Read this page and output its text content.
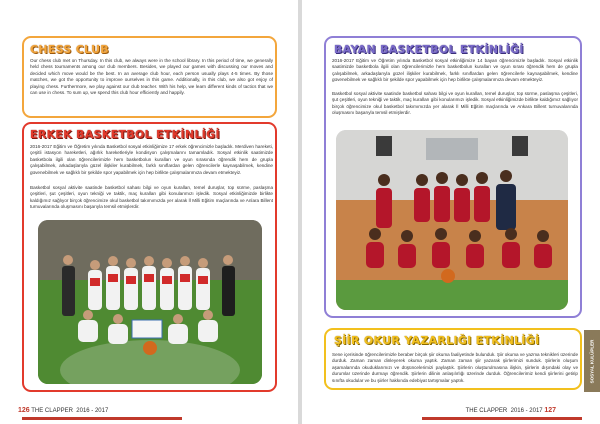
CHESS CLUB
Our chess club met on Thursday. In this club, we always were in the school library. In this period of time, we generally held chess tournaments among our club members. Besides, we played our games with discussing our moves and decided which move would be the best. In an average club hour, each person usually plays 4-5 times. By those matches, we got the opportunity to improve ourselves in this game. Additionally, in this club, we also got enjoy of playing chess. Furthermore, we play against our club teacher. With his help, we learn different kinds of tactics that we can use in chess. To sum up, we spend this club hour efficiently and happily.
ERKEK BASKETBOL ETKİNLİĞİ
2016-2017 Eğitim ve Öğretim yılında Basketbol sosyal etkinliğimize 17 erkek öğrencimizle başladık. Merdiven hareketi, çeşitli istasyon hareketleri, ağırlık hareketleriyle kondisyon çalışmalarını tamamladık. Sosyal etkinlik saatimizde basketbola ilgili olan öğrencilerimizle hem basketbolun kuralları ve oyun sırasında öğrendik hem de grupla çalışabilmek, arkadaşlarıyla güzel ilişkiler kurabilmek, farklı sınıflardan gelen öğrencilerle kaynaşabilmek, kendine güvenebilmek ve sağlıklı bir şekilde spor yapabilmek için hep birlikte çalışmalarımıza devam etmekteyiz.
Basketbol sosyal aktivite saatinde basketbol sahası bilgi ve oyun kuralları, temel duruşlar, top sürme, paslaşma çeşitleri, şut çeşitleri, oyun tekniği ve taktik, maç kuralları gibi konularımızı işledik. Sosyal etkinliğimizde birlikte kaldığımız sağlıyor birçok öğrencimize okul basketbol takımımızda yer alarak İl Milli Eğitim maçlarında ve Anlara Billent turnuvalarında oluşmasını başarıyla temsil etmişlerdir.
126 THE CLAPPER 2016 - 2017
BAYAN BASKETBOL ETKİNLİĞİ
2016-2017 Eğitim ve Öğretim yılında Basketbol sosyal etkinliğimize 14 bayan öğrencimizle başladık. Sosyal etkinlik saatimizde basketbola ilgili olan öğrencilerimizle hem basketbolun kuralları ve oyun sırası öğrendik hem de grupla çalışabilmek, arkadaşlarıyla güzel ilişkiler kurabilmek, farklı sınıflardan gelen öğrencilerle kaynaşabilmek, kendine güvenebilmek ve sağlıklı bir şekilde spor yapabilmek için hep birlikte çalışmalarımıza devam etmekteyiz.
Basketbol sosyal aktivite saatinde basketbol sahası bilgi ve oyun kuralları, temel duruşlar, top sürme, paslaşma çeşitleri, şut çeşitleri, oyun tekniği ve taktik, maç kuralları gibi konularımızı işledik. Sosyal etkinliğimizde birlikte kaldığımız sağlıyor birçok öğrencimize okul basketbol takımımızda yer alarak İl Milli Eğitim maçlarında ve Ankara Billent turnuvalarında oluşmasını başarıyla temsil etmişlerdir.
ŞİİR OKUR YAZARLIĞI ETKİNLİĞİ
Sene içerisinde öğrencilerimizle beraber birçok şiir okuma faaliyetinde bulunduk. Şiir okuma ve yazma teknikleri üzerinde durduk. Zaman zaman dinleyerek okuma yaptık. Zaman zaman şiir yazarak şiirlerimizi sunduk. Şiirlerin oluşum aşamalarında okuduklarımızı ve düşüncelerimizi paylaştık. Şiirlerin oluşturulmasına ilişkin, şiirlerin dışındaki olay ve durumlar üzerinde durmayı öğrendik. Şiirlerin dilinin anlaşılırlığı üzerinde durduk. Öğrencilerimiz kendi şiirlerini getirip sınıfta okudular ve bu şiirler hakkında edebiyat tartışmalar yaptık.
THE CLAPPER 2016 - 2017 127
SOSYAL KULÜPLER
